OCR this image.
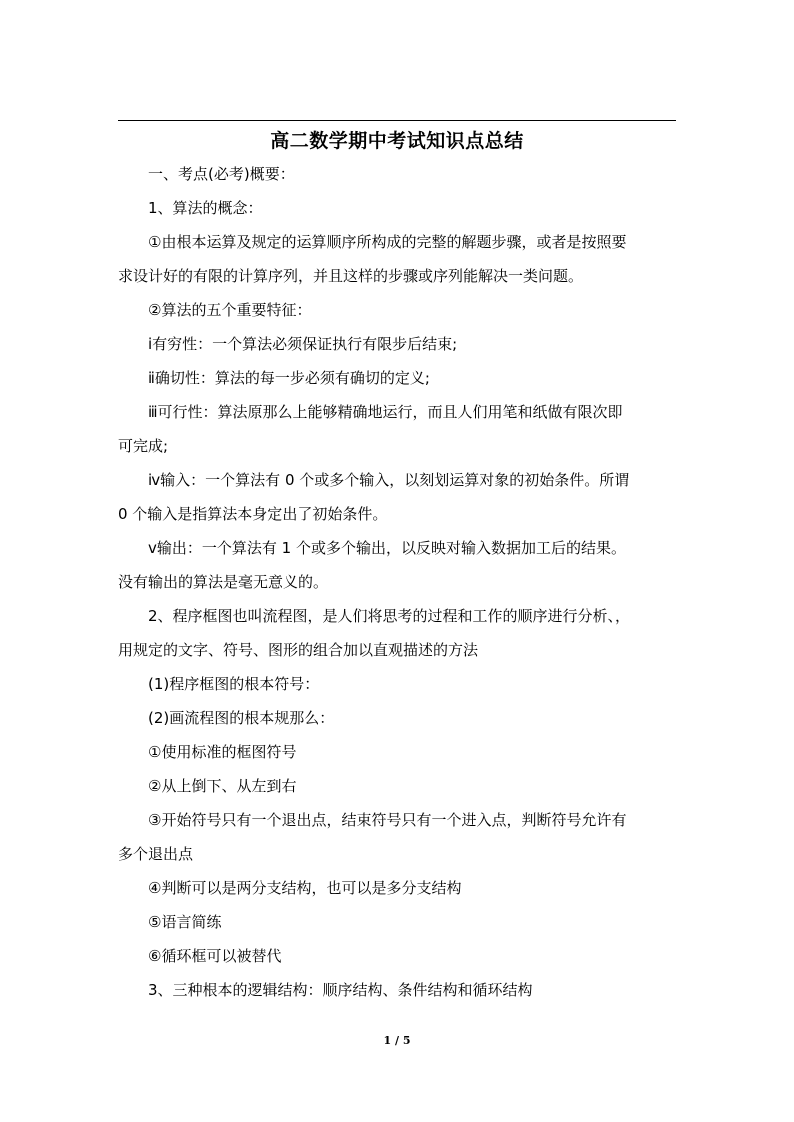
高二数学期中考试知识点总结
一、考点(必考)概要：
1、算法的概念：
①由根本运算及规定的运算顺序所构成的完整的解题步骤，或者是按照要
求设计好的有限的计算序列，并且这样的步骤或序列能解决一类问题。
②算法的五个重要特征：
ⅰ有穷性：一个算法必须保证执行有限步后结束;
ⅱ确切性：算法的每一步必须有确切的定义;
ⅲ可行性：算法原那么上能够精确地运行，而且人们用笔和纸做有限次即
可完成;
ⅳ输入：一个算法有 0 个或多个输入，以刻划运算对象的初始条件。所谓
0 个输入是指算法本身定出了初始条件。
ⅴ输出：一个算法有 1 个或多个输出，以反映对输入数据加工后的结果。
没有输出的算法是毫无意义的。
2、程序框图也叫流程图，是人们将思考的过程和工作的顺序进行分析、，
用规定的文字、符号、图形的组合加以直观描述的方法
(1)程序框图的根本符号：
(2)画流程图的根本规那么：
①使用标准的框图符号
②从上倒下、从左到右
③开始符号只有一个退出点，结束符号只有一个进入点，判断符号允许有
多个退出点
④判断可以是两分支结构，也可以是多分支结构
⑤语言简练
⑥循环框可以被替代
3、三种根本的逻辑结构：顺序结构、条件结构和循环结构
1 / 5
